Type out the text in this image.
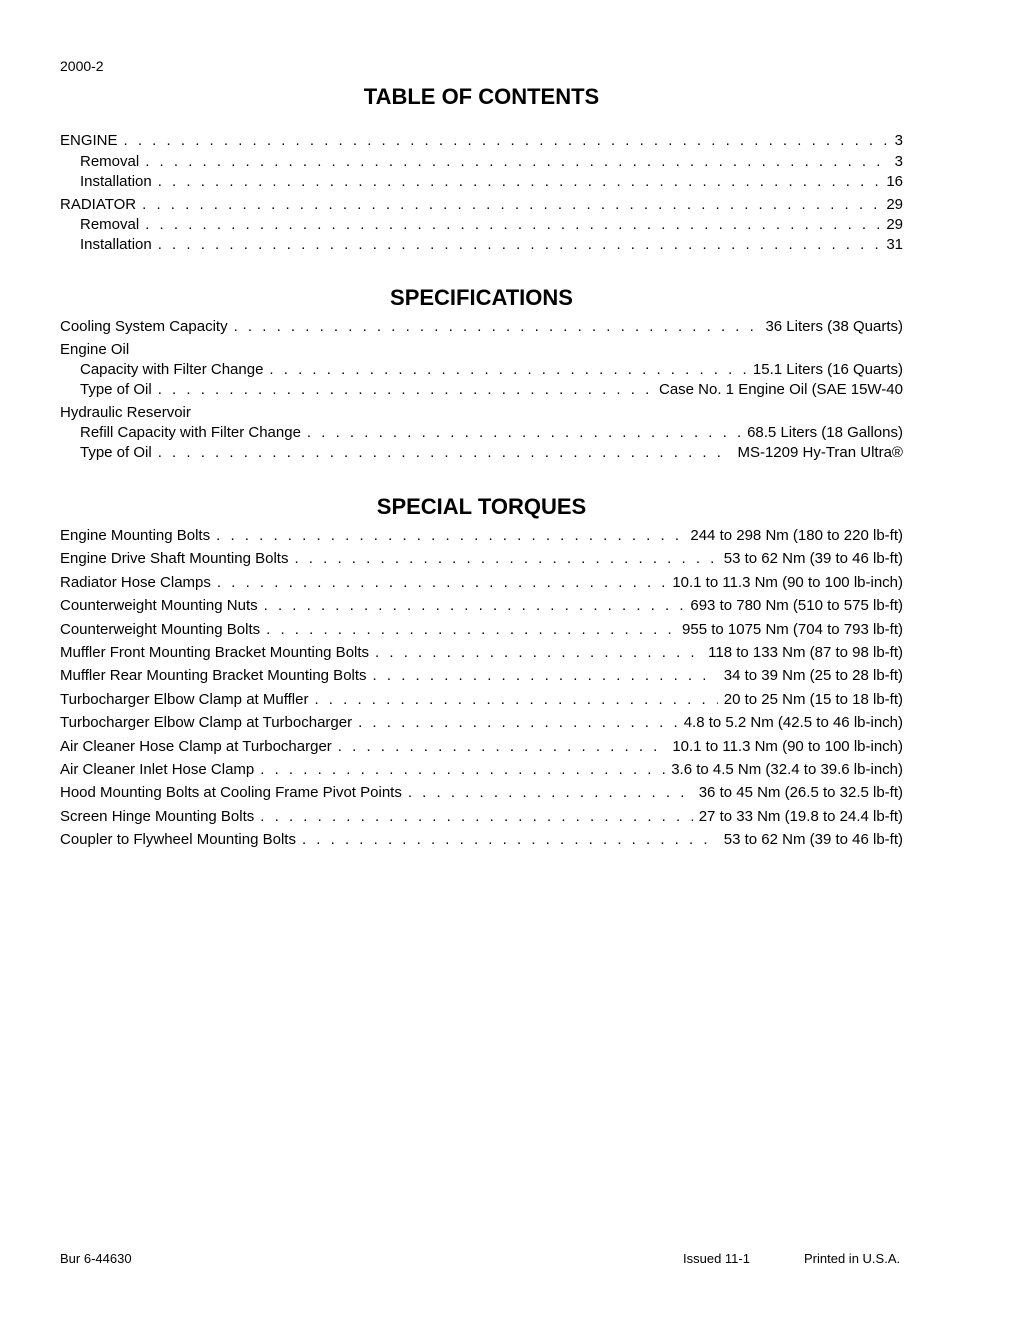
2000-2
TABLE OF CONTENTS
ENGINE . . .	3
Removal . . .	3
Installation . . .	16
RADIATOR . . .	29
Removal . . .	29
Installation . . .	31
SPECIFICATIONS
Cooling System Capacity . . .	36 Liters (38 Quarts)
Engine Oil
Capacity with Filter Change . . .	15.1 Liters (16 Quarts)
Type of Oil . . .	Case No. 1 Engine Oil (SAE 15W-40
Hydraulic Reservoir
Refill Capacity with Filter Change . . .	68.5 Liters (18 Gallons)
Type of Oil . . .	MS-1209 Hy-Tran Ultra®
SPECIAL TORQUES
Engine Mounting Bolts . . .	244 to 298 Nm (180 to 220 lb-ft)
Engine Drive Shaft Mounting Bolts . . .	53 to 62 Nm (39 to 46 lb-ft)
Radiator Hose Clamps . . .	10.1 to 11.3 Nm (90 to 100 lb-inch)
Counterweight Mounting Nuts . . .	693 to 780 Nm (510 to 575 lb-ft)
Counterweight Mounting Bolts . . .	955 to 1075 Nm (704 to 793 lb-ft)
Muffler Front Mounting Bracket Mounting Bolts . . .	118 to 133 Nm (87 to 98 lb-ft)
Muffler Rear Mounting Bracket Mounting Bolts . . .	34 to 39 Nm (25 to 28 lb-ft)
Turbocharger Elbow Clamp at Muffler . . .	20 to 25 Nm (15 to 18 lb-ft)
Turbocharger Elbow Clamp at Turbocharger . . .	4.8 to 5.2 Nm (42.5 to 46 lb-inch)
Air Cleaner Hose Clamp at Turbocharger . . .	10.1 to 11.3 Nm (90 to 100 lb-inch)
Air Cleaner Inlet Hose Clamp . . .	3.6 to 4.5 Nm (32.4 to 39.6 lb-inch)
Hood Mounting Bolts at Cooling Frame Pivot Points . . .	36 to 45 Nm (26.5 to 32.5 lb-ft)
Screen Hinge Mounting Bolts . . .	27 to 33 Nm (19.8 to 24.4 lb-ft)
Coupler to Flywheel Mounting Bolts . . .	53 to 62 Nm (39 to 46 lb-ft)
Bur 6-44630	Issued 11-1	Printed in U.S.A.
